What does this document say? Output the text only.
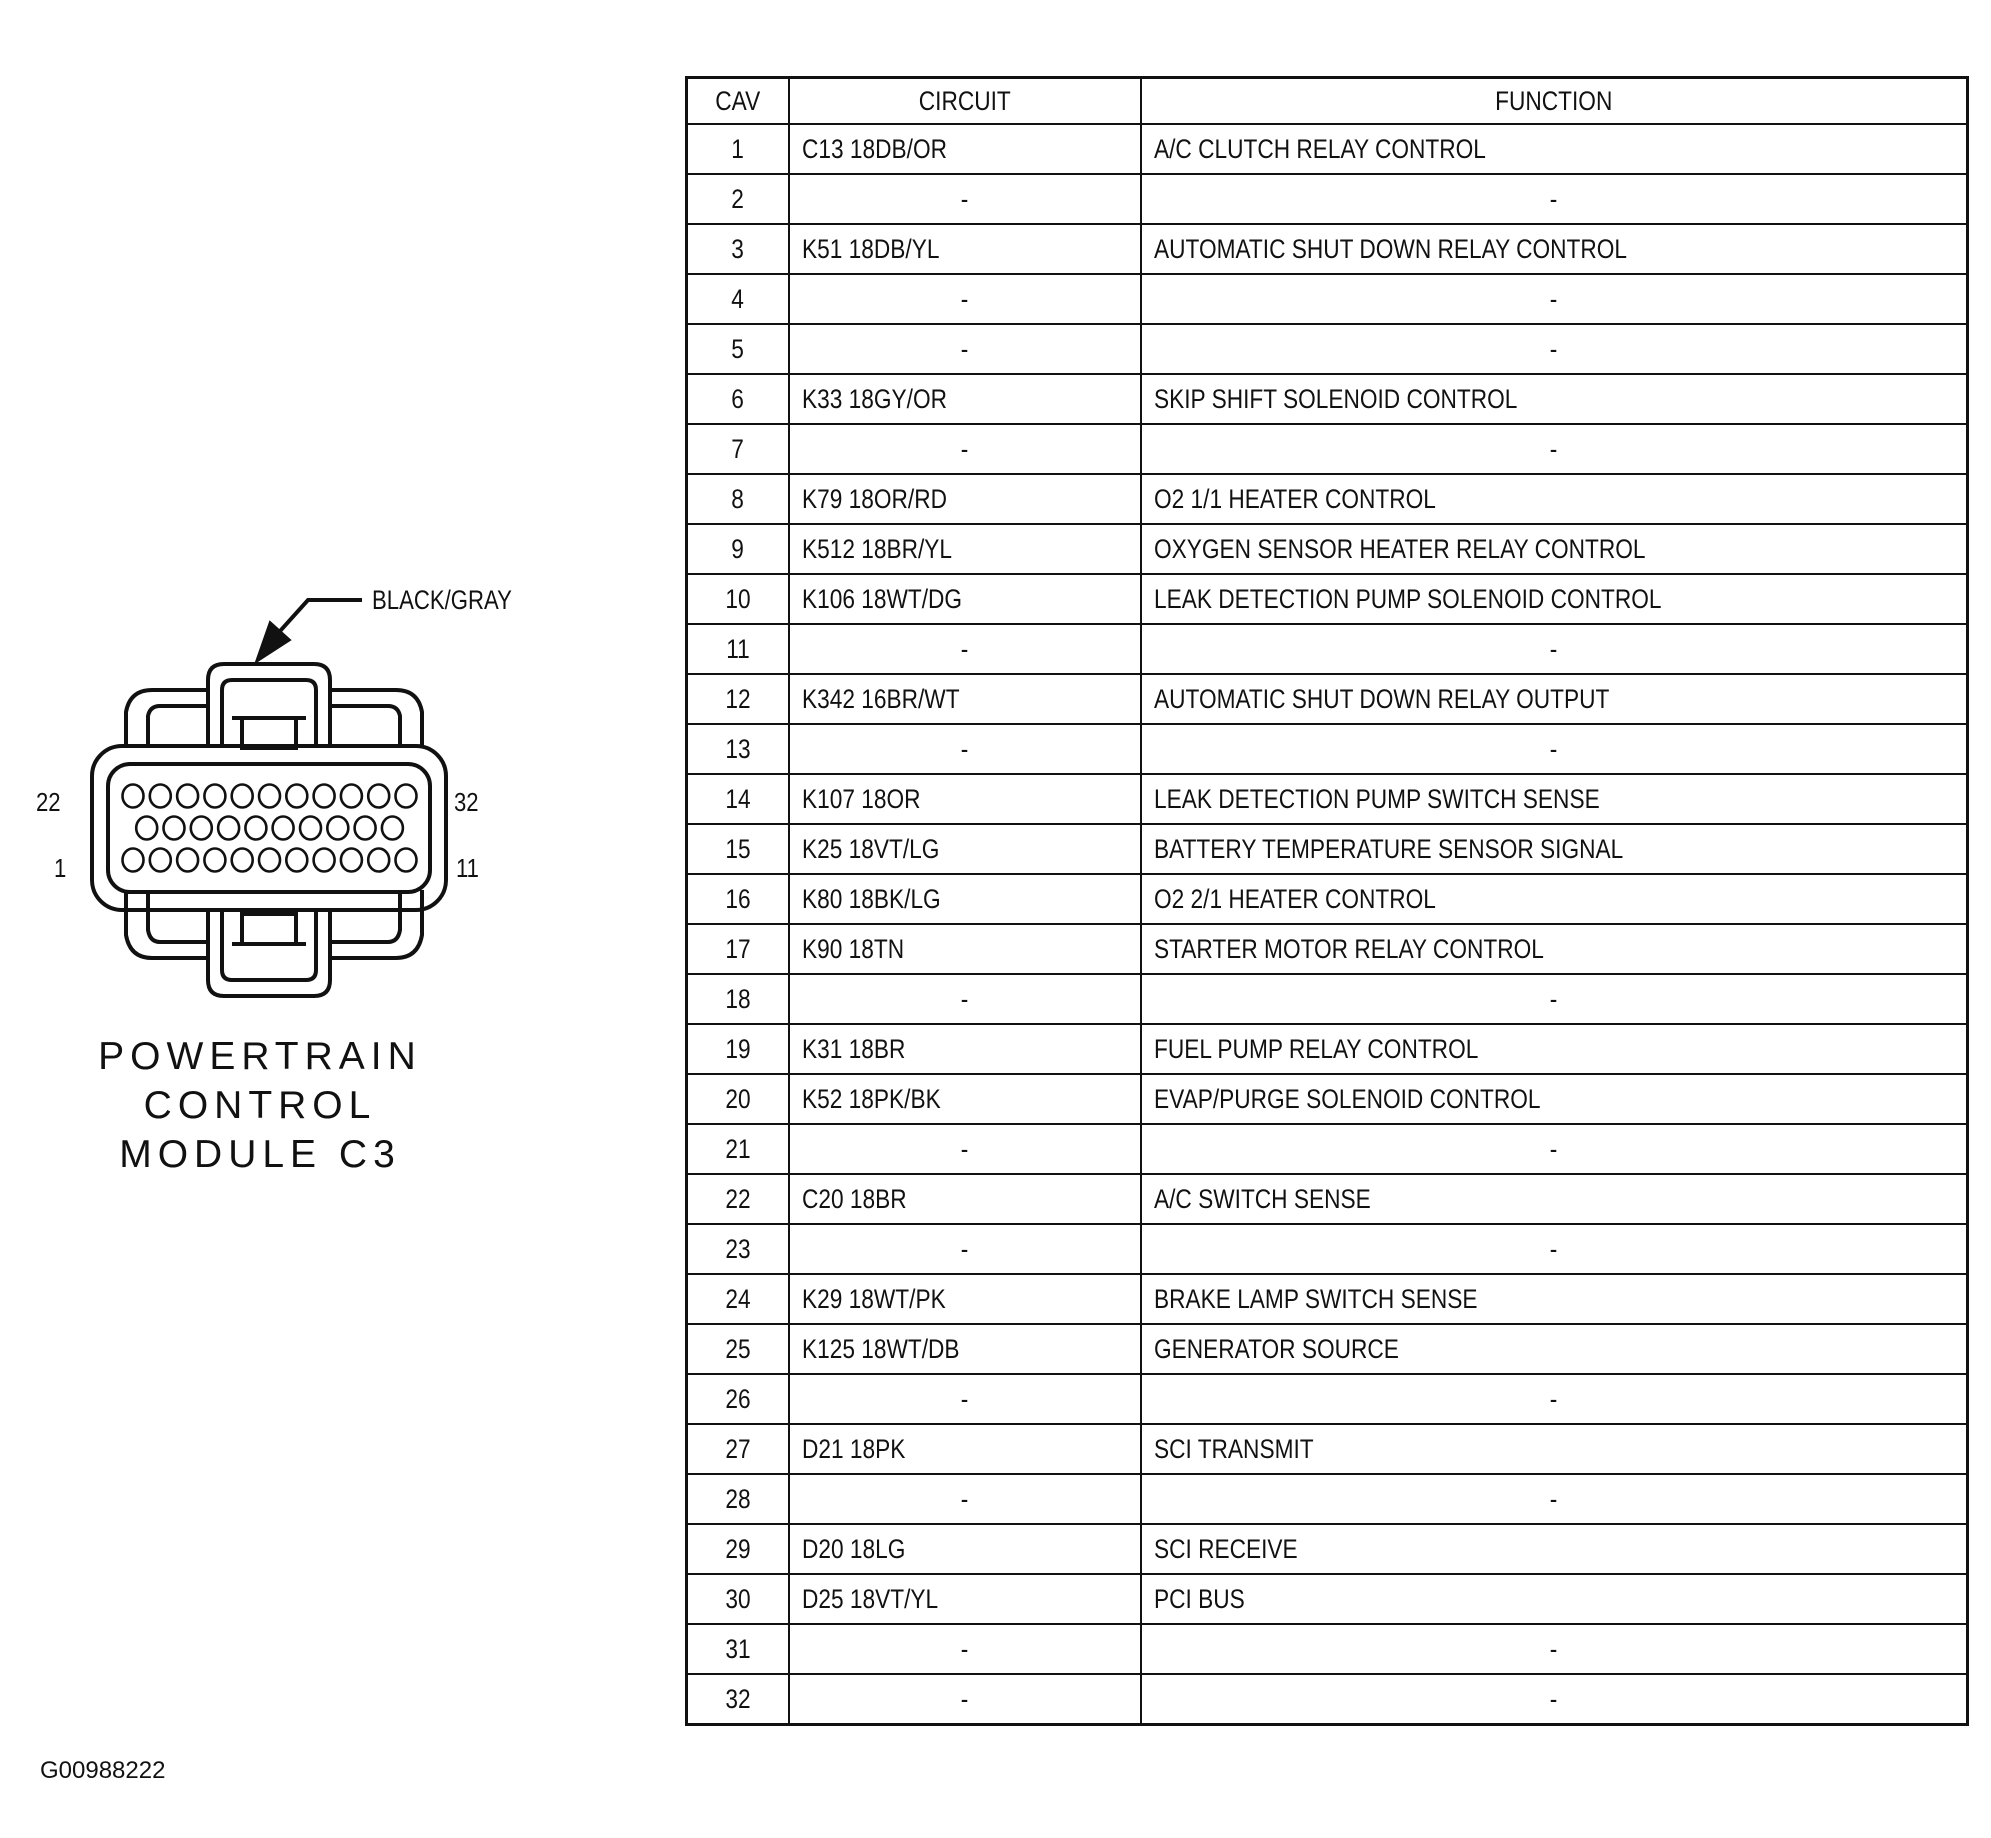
BLACK/GRAY
22
1
32
11
POWERTRAIN
CONTROL
MODULE C3
CAV	CIRCUIT	FUNCTION
1	C13 18DB/OR	A/C CLUTCH RELAY CONTROL
2	-	-
3	K51 18DB/YL	AUTOMATIC SHUT DOWN RELAY CONTROL
4	-	-
5	-	-
6	K33 18GY/OR	SKIP SHIFT SOLENOID CONTROL
7	-	-
8	K79 18OR/RD	O2 1/1 HEATER CONTROL
9	K512 18BR/YL	OXYGEN SENSOR HEATER RELAY CONTROL
10	K106 18WT/DG	LEAK DETECTION PUMP SOLENOID CONTROL
11	-	-
12	K342 16BR/WT	AUTOMATIC SHUT DOWN RELAY OUTPUT
13	-	-
14	K107 18OR	LEAK DETECTION PUMP SWITCH SENSE
15	K25 18VT/LG	BATTERY TEMPERATURE SENSOR SIGNAL
16	K80 18BK/LG	O2 2/1 HEATER CONTROL
17	K90 18TN	STARTER MOTOR RELAY CONTROL
18	-	-
19	K31 18BR	FUEL PUMP RELAY CONTROL
20	K52 18PK/BK	EVAP/PURGE SOLENOID CONTROL
21	-	-
22	C20 18BR	A/C SWITCH SENSE
23	-	-
24	K29 18WT/PK	BRAKE LAMP SWITCH SENSE
25	K125 18WT/DB	GENERATOR SOURCE
26	-	-
27	D21 18PK	SCI TRANSMIT
28	-	-
29	D20 18LG	SCI RECEIVE
30	D25 18VT/YL	PCI BUS
31	-	-
32	-	-
G00988222
